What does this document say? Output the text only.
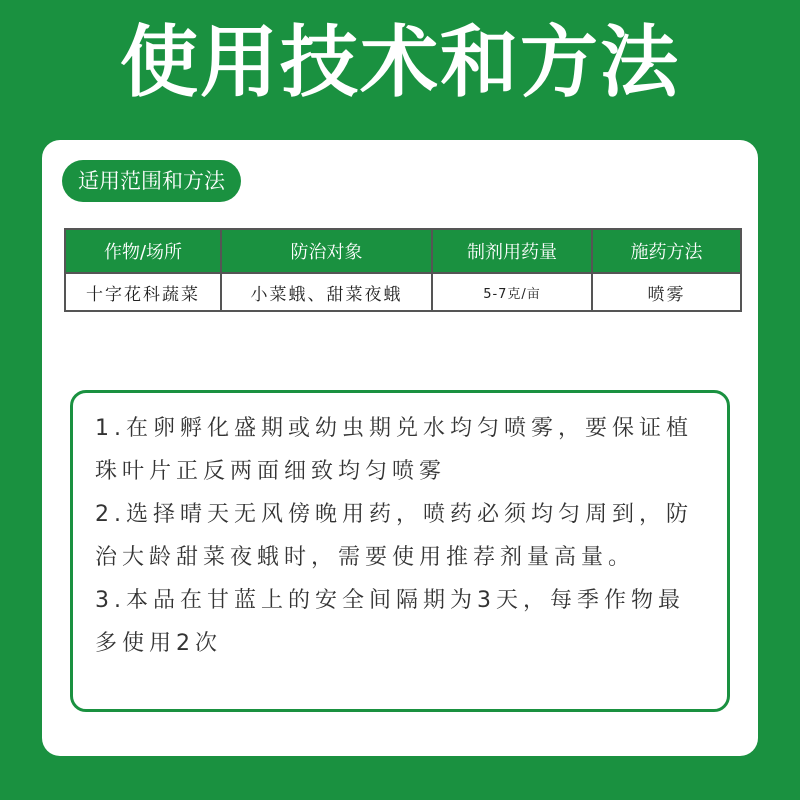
使用技术和方法
适用范围和方法
作物/场所	防治对象	制剂用药量	施药方法
十字花科蔬菜	小菜蛾、甜菜夜蛾	5-7克/亩	喷雾

1.在卵孵化盛期或幼虫期兑水均匀喷雾，要保证植珠叶片正反两面细致均匀喷雾

2.选择晴天无风傍晚用药，喷药必须均匀周到，防治大龄甜菜夜蛾时，需要使用推荐剂量高量。

3.本品在甘蓝上的安全间隔期为3天，每季作物最多使用2次
